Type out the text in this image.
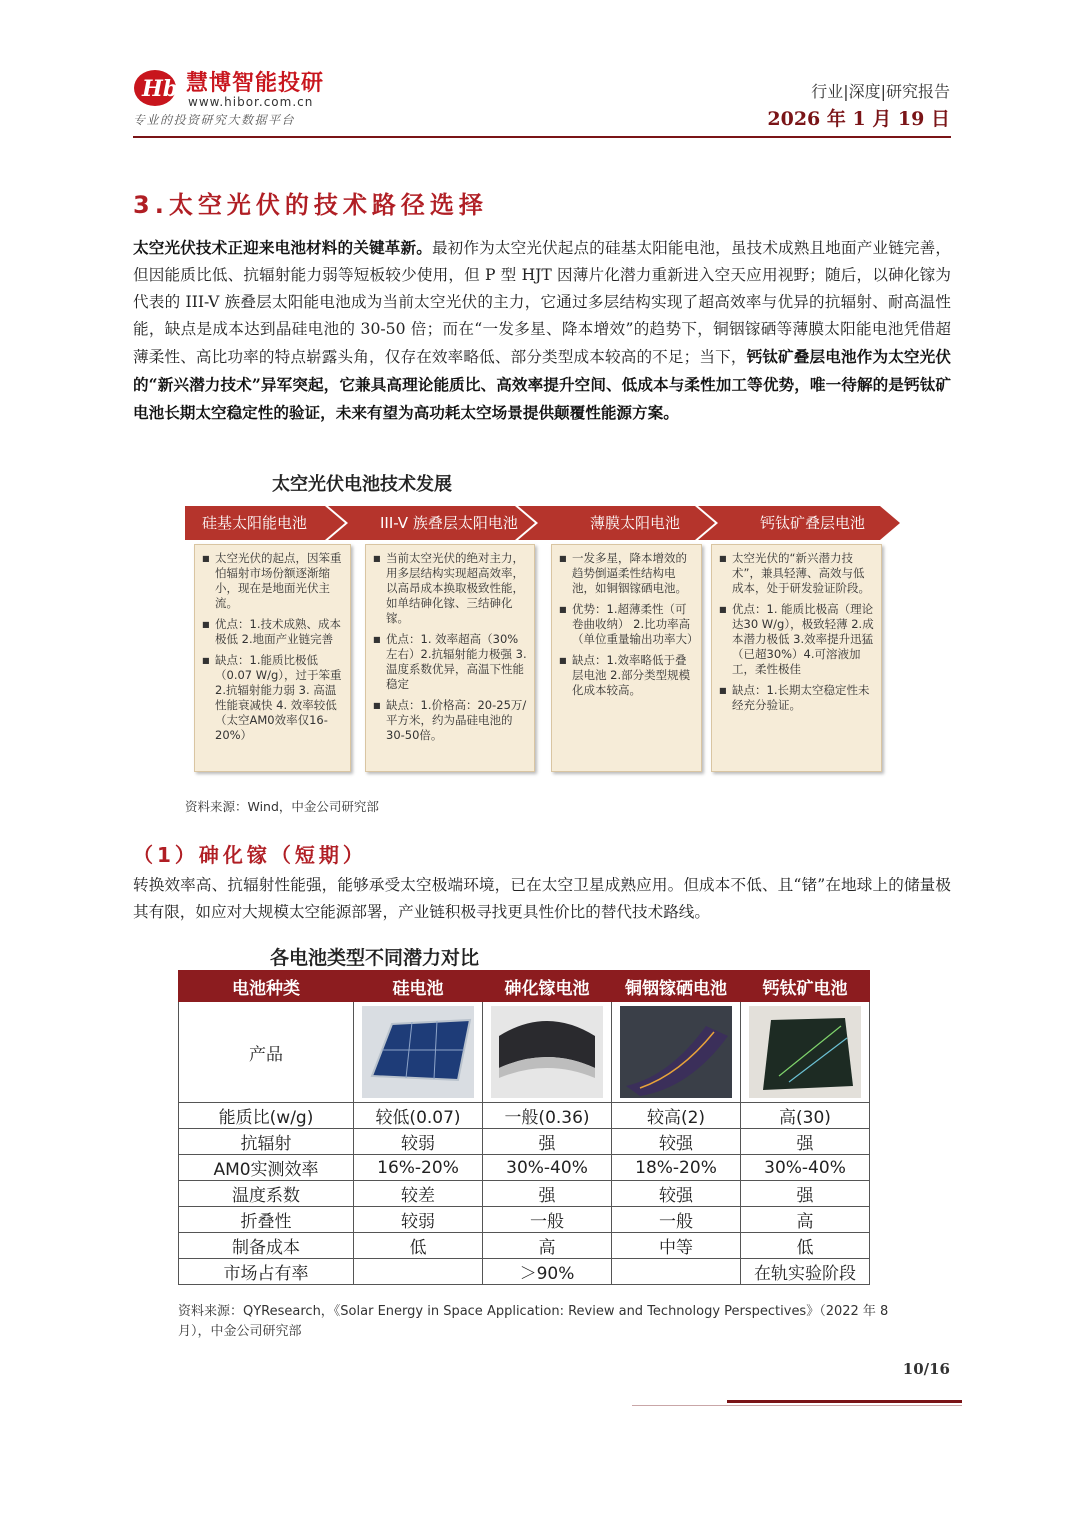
Hb 慧博智能投研
www.hibor.com.cn
专业的投资研究大数据平台
行业|深度|研究报告
2026 年 1 月 19 日
3.太空光伏的技术路径选择
太空光伏技术正迎来电池材料的关键革新。最初作为太空光伏起点的硅基太阳能电池，虽技术成熟且地面产业链完善，但因能质比低、抗辐射能力弱等短板较少使用，但 P 型 HJT 因薄片化潜力重新进入空天应用视野；随后，以砷化镓为代表的 III-V 族叠层太阳能电池成为当前太空光伏的主力，它通过多层结构实现了超高效率与优异的抗辐射、耐高温性能，缺点是成本达到晶硅电池的 30-50 倍；而在“一发多星、降本增效”的趋势下，铜铟镓硒等薄膜太阳能电池凭借超薄柔性、高比功率的特点崭露头角，仅存在效率略低、部分类型成本较高的不足；当下，钙钛矿叠层电池作为太空光伏的“新兴潜力技术”异军突起，它兼具高理论能质比、高效率提升空间、低成本与柔性加工等优势，唯一待解的是钙钛矿电池长期太空稳定性的验证，未来有望为高功耗太空场景提供颠覆性能源方案。
太空光伏电池技术发展
硅基太阳能电池	III-V 族叠层太阳电池	薄膜太阳电池	钙钛矿叠层电池
■ 太空光伏的起点，因笨重怕辐射市场份额逐渐缩小，现在是地面光伏主流。
■ 优点：1.技术成熟、成本极低 2.地面产业链完善
■ 缺点：1.能质比极低（0.07 W/g），过于笨重 2.抗辐射能力弱 3. 高温性能衰减快 4. 效率较低（太空AM0效率仅16-20%）
■ 当前太空光伏的绝对主力，用多层结构实现超高效率，以高昂成本换取极致性能，如单结砷化镓、三结砷化镓。
■ 优点：1. 效率超高（30%左右）2.抗辐射能力极强 3.温度系数优异，高温下性能稳定
■ 缺点：1.价格高：20-25万/平方米，约为晶硅电池的30-50倍。
■ 一发多星，降本增效的趋势倒逼柔性结构电池，如铜铟镓硒电池。
■ 优势：1.超薄柔性（可卷曲收纳） 2.比功率高（单位重量输出功率大）
■ 缺点：1.效率略低于叠层电池 2.部分类型规模化成本较高。
■ 太空光伏的“新兴潜力技术”，兼具轻薄、高效与低成本，处于研发验证阶段。
■ 优点：1. 能质比极高（理论达30 W/g），极致轻薄 2.成本潜力极低 3.效率提升迅猛（已超30%）4.可溶液加工，柔性极佳
■ 缺点：1.长期太空稳定性未经充分验证。
资料来源：Wind，中金公司研究部
（1）砷化镓（短期）
转换效率高、抗辐射性能强，能够承受太空极端环境，已在太空卫星成熟应用。但成本不低、且“锗”在地球上的储量极其有限，如应对大规模太空能源部署，产业链积极寻找更具性价比的替代技术路线。
各电池类型不同潜力对比
电池种类	硅电池	砷化镓电池	铜铟镓硒电池	钙钛矿电池
产品	

能质比(w/g)	较低(0.07)	一般(0.36)	较高(2)	高(30)
抗辐射	较弱	强	较强	强
AM0实测效率	16%-20%	30%-40%	18%-20%	30%-40%
温度系数	较差	强	较强	强
折叠性	较弱	一般	一般	高
制备成本	低	高	中等	低
市场占有率		＞90%		在轨实验阶段
资料来源：QYResearch，《Solar Energy in Space Application: Review and Technology Perspectives》（2022 年 8 月），中金公司研究部
10/16
